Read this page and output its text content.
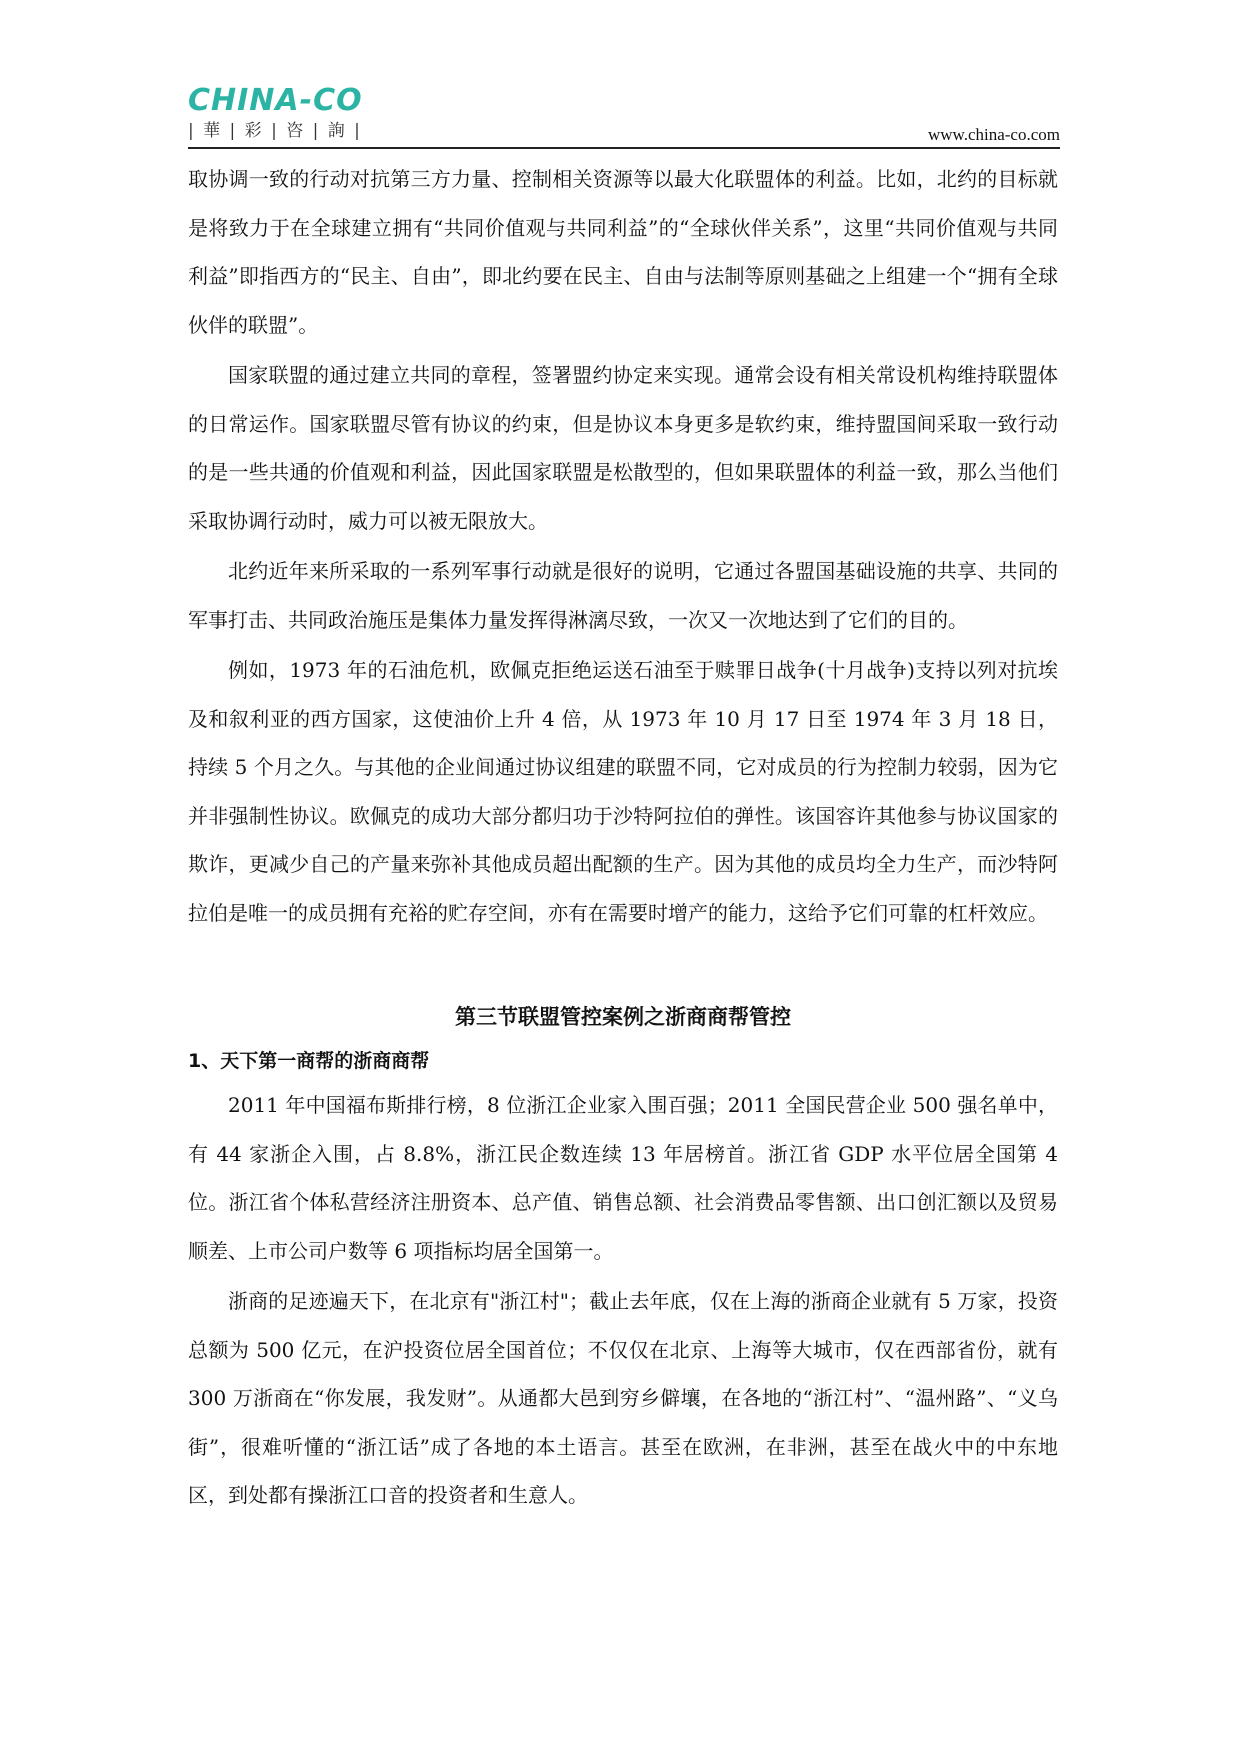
CHINA-CO
| 華 | 彩 | 咨 | 詢 |	www.china-co.com

取协调一致的行动对抗第三方力量、控制相关资源等以最大化联盟体的利益。比如，北约的目标就是将致力于在全球建立拥有“共同价值观与共同利益”的“全球伙伴关系”，这里“共同价值观与共同利益”即指西方的“民主、自由”，即北约要在民主、自由与法制等原则基础之上组建一个“拥有全球伙伴的联盟”。

国家联盟的通过建立共同的章程，签署盟约协定来实现。通常会设有相关常设机构维持联盟体的日常运作。国家联盟尽管有协议的约束，但是协议本身更多是软约束，维持盟国间采取一致行动的是一些共通的价值观和利益，因此国家联盟是松散型的，但如果联盟体的利益一致，那么当他们采取协调行动时，威力可以被无限放大。

北约近年来所采取的一系列军事行动就是很好的说明，它通过各盟国基础设施的共享、共同的军事打击、共同政治施压是集体力量发挥得淋漓尽致，一次又一次地达到了它们的目的。

例如，1973 年的石油危机，欧佩克拒绝运送石油至于赎罪日战争(十月战争)支持以列对抗埃及和叙利亚的西方国家，这使油价上升 4 倍，从 1973 年 10 月 17 日至 1974 年 3 月 18 日，持续 5 个月之久。与其他的企业间通过协议组建的联盟不同，它对成员的行为控制力较弱，因为它并非强制性协议。欧佩克的成功大部分都归功于沙特阿拉伯的弹性。该国容许其他参与协议国家的欺诈，更减少自己的产量来弥补其他成员超出配额的生产。因为其他的成员均全力生产，而沙特阿拉伯是唯一的成员拥有充裕的贮存空间，亦有在需要时增产的能力，这给予它们可靠的杠杆效应。

第三节联盟管控案例之浙商商帮管控
1、天下第一商帮的浙商商帮

2011 年中国福布斯排行榜，8 位浙江企业家入围百强；2011 全国民营企业 500 强名单中，有 44 家浙企入围，占 8.8%，浙江民企数连续 13 年居榜首。浙江省 GDP 水平位居全国第 4 位。浙江省个体私营经济注册资本、总产值、销售总额、社会消费品零售额、出口创汇额以及贸易顺差、上市公司户数等 6 项指标均居全国第一。

浙商的足迹遍天下，在北京有"浙江村"；截止去年底，仅在上海的浙商企业就有 5 万家，投资总额为 500 亿元，在沪投资位居全国首位；不仅仅在北京、上海等大城市，仅在西部省份，就有 300 万浙商在“你发展，我发财”。从通都大邑到穷乡僻壤，在各地的“浙江村”、“温州路”、“义乌街”，很难听懂的“浙江话”成了各地的本土语言。甚至在欧洲，在非洲，甚至在战火中的中东地区，到处都有操浙江口音的投资者和生意人。
